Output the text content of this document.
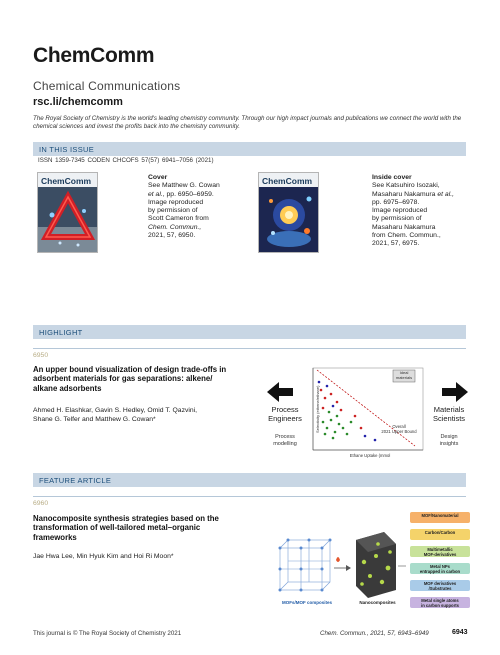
ChemComm
Chemical Communications
rsc.li/chemcomm
The Royal Society of Chemistry is the world's leading chemistry community. Through our high impact journals and publications we connect the world with the chemical sciences and invest the profits back into the chemistry community.
IN THIS ISSUE
ISSN 1359-7345 CODEN CHCOFS 57(57) 6941–7056 (2021)
ChemComm	Cover
See Matthew G. Cowan
et al., pp. 6950–6959.
Image reproduced
by permission of
Scott Cameron from
Chem. Commun.,
2021, 57, 6950.
ChemComm	Inside cover
See Katsuhiro Isozaki,
Masaharu Nakamura et al.,
pp. 6975–6978.
Image reproduced
by permission of
Masaharu Nakamura
from Chem. Commun.,
2021, 57, 6975.
HIGHLIGHT
6950
An upper bound visualization of design trade-offs in
adsorbent materials for gas separations: alkene/
alkane adsorbents
Ahmed H. Elashkar, Gavin S. Hedley, Omid T. Qazvini,
Shane G. Telfer and Matthew G. Cowan*
Process
Engineers
Process
modelling
Materials
Scientists
Design
insights
Ideal
materials
Overall
2021 Upper Bound
Ethane Uptake (mmol
Selectivity (ethene/ethane)
FEATURE ARTICLE
6960
Nanocomposite synthesis strategies based on the
transformation of well-tailored metal–organic
frameworks
Jae Hwa Lee, Min Hyuk Kim and Hoi Ri Moon*
MOFs/MOF composites	Nanocomposites
MOF/Nanomaterial
Carbon/Carbon
Multimetallic
MOF-derivatives
Metal NPs
entrapped in carbon
MOF derivatives
/Substrates
Metal single atoms
in carbon supports
This journal is © The Royal Society of Chemistry 2021	Chem. Commun., 2021, 57, 6943–6949	6943
